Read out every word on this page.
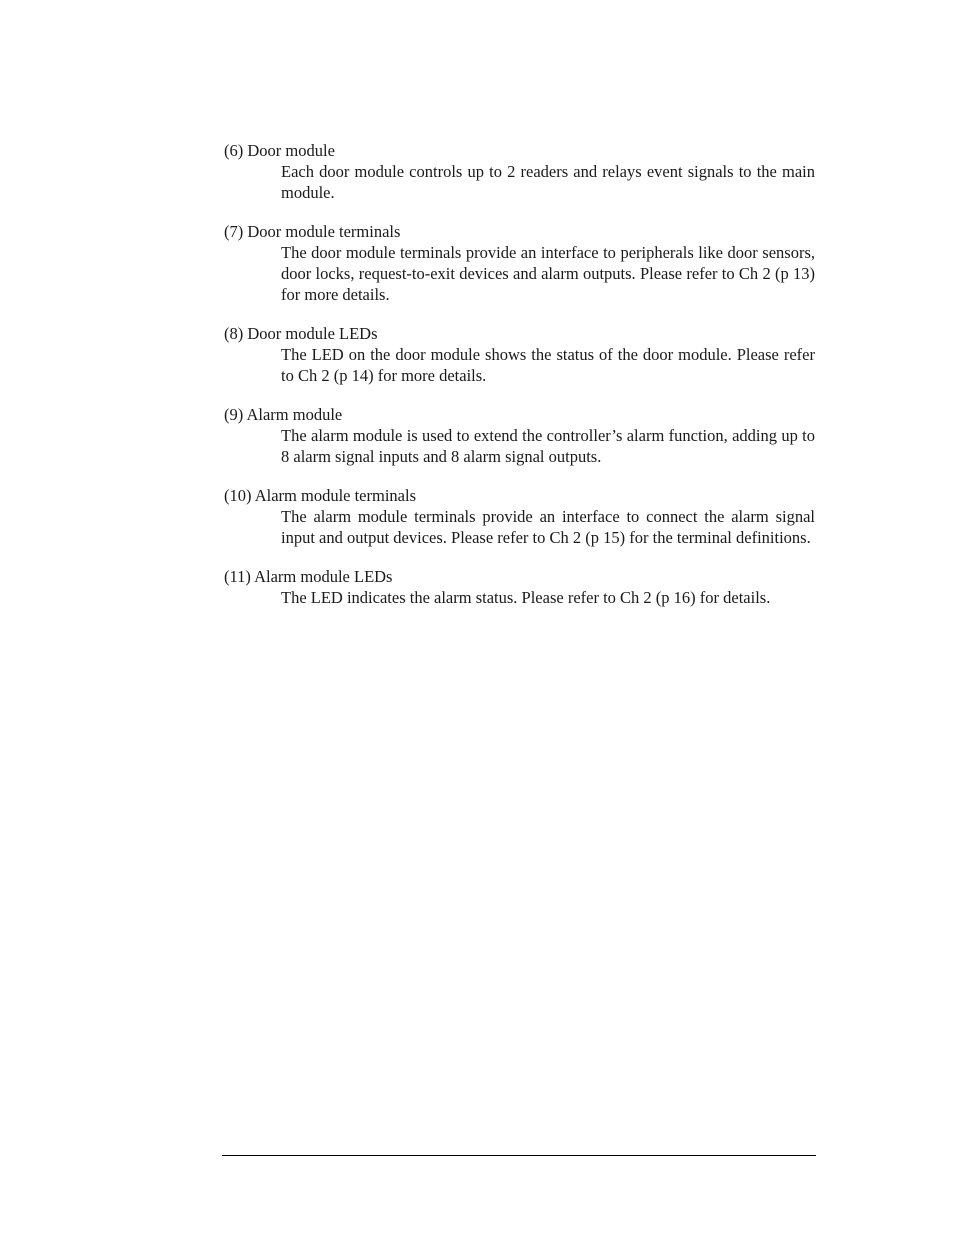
(6) Door module

Each door module controls up to 2 readers and relays event signals to the main module.

(7) Door module terminals

The door module terminals provide an interface to peripherals like door sensors, door locks, request-to-exit devices and alarm outputs. Please refer to Ch 2 (p 13) for more details.

(8) Door module LEDs

The LED on the door module shows the status of the door module. Please refer to Ch 2 (p 14) for more details.

(9) Alarm module

The alarm module is used to extend the controller’s alarm function, adding up to 8 alarm signal inputs and 8 alarm signal outputs.

(10) Alarm module terminals

The alarm module terminals provide an interface to connect the alarm signal input and output devices. Please refer to Ch 2 (p 15) for the terminal definitions.

(11) Alarm module LEDs

The LED indicates the alarm status. Please refer to Ch 2 (p 16) for details.
